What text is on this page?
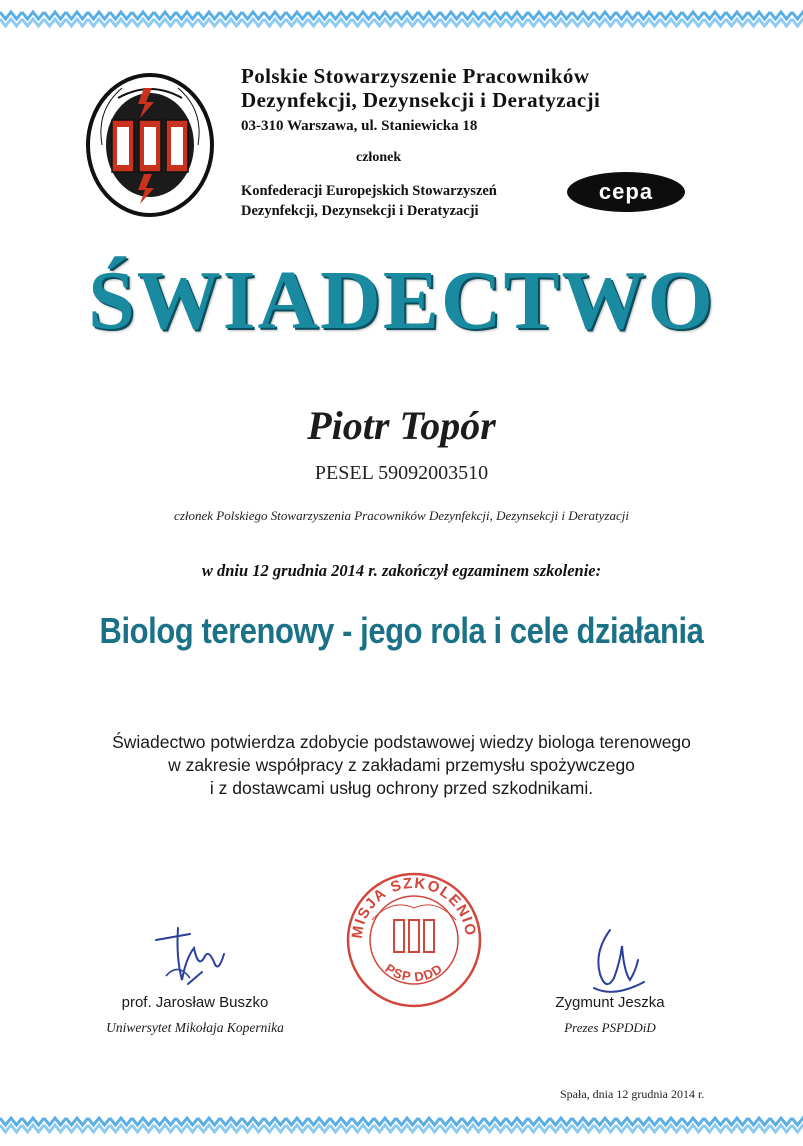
Polskie Stowarzyszenie Pracowników
Dezynfekcji, Dezynsekcji i Deratyzacji
03-310 Warszawa, ul. Staniewicka 18
członek
Konfederacji Europejskich Stowarzyszeń
Dezynfekcji, Dezynsekcji i Deratyzacji
cepa
ŚWIADECTWO
Piotr Topór
PESEL 59092003510
członek Polskiego Stowarzyszenia Pracowników Dezynfekcji, Dezynsekcji i Deratyzacji
w dniu 12 grudnia 2014 r. zakończył egzaminem szkolenie:
Biolog terenowy - jego rola i cele działania
Świadectwo potwierdza zdobycie podstawowej wiedzy biologa terenowego
w zakresie współpracy z zakładami przemysłu spożywczego
i z dostawcami usług ochrony przed szkodnikami.
MISJA SZKOLENIO
PSP DDD
prof. Jarosław Buszko
Uniwersytet Mikołaja Kopernika
Zygmunt Jeszka
Prezes PSPDDiD
Spała, dnia 12 grudnia 2014 r.
